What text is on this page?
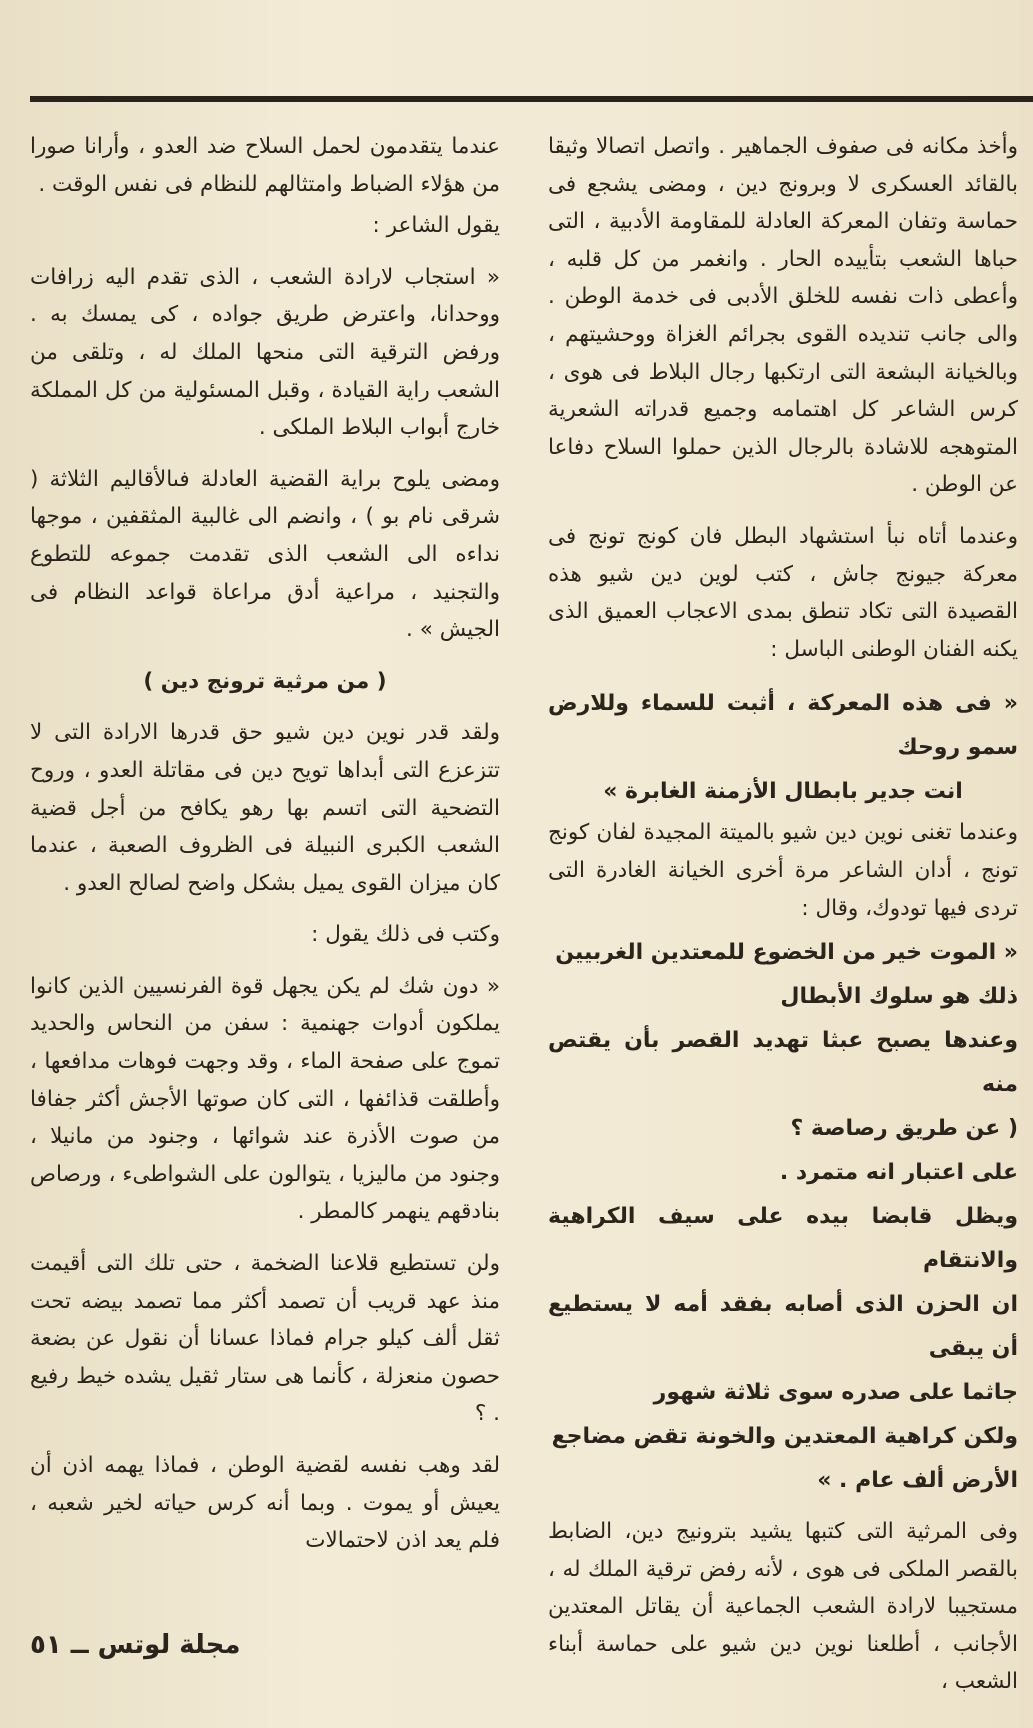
وأخذ مكانه فى صفوف الجماهير . واتصل اتصالا وثيقا بالقائد العسكرى لا وبرونج دين ، ومضى يشجع فى حماسة وتفان المعركة العادلة للمقاومة الأدبية ، التى حباها الشعب بتأييده الحار . وانغمر من كل قلبه ، وأعطى ذات نفسه للخلق الأدبى فى خدمة الوطن . والى جانب تنديده القوى بجرائم الغزاة ووحشيتهم ، وبالخيانة البشعة التى ارتكبها رجال البلاط فى هوى ، كرس الشاعر كل اهتمامه وجميع قدراته الشعرية المتوهجه للاشادة بالرجال الذين حملوا السلاح دفاعا عن الوطن .

وعندما أتاه نبأ استشهاد البطل فان كونج تونج فى معركة جيونج جاش ، كتب لوين دين شيو هذه القصيدة التى تكاد تنطق بمدى الاعجاب العميق الذى يكنه الفنان الوطنى الباسل :

« فى هذه المعركة ، أثبت للسماء وللارض سمو روحك
انت جدير بابطال الأزمنة الغابرة »

وعندما تغنى نوين دين شيو بالميتة المجيدة لفان كونج تونج ، أدان الشاعر مرة أخرى الخيانة الغادرة التى تردى فيها تودوك، وقال :

« الموت خير من الخضوع للمعتدين الغربيين
ذلك هو سلوك الأبطال
وعندها يصبح عبثا تهديد القصر بأن يقتص منه
( عن طريق رصاصة ؟
على اعتبار انه متمرد .
ويظل قابضا بيده على سيف الكراهية والانتقام
ان الحزن الذى أصابه بفقد أمه لا يستطيع أن يبقى
جاثما على صدره سوى ثلاثة شهور
ولكن كراهية المعتدين والخونة تقض مضاجع
الأرض ألف عام . »

وفى المرثية التى كتبها يشيد بترونيج دين، الضابط بالقصر الملكى فى هوى ، لأنه رفض ترقية الملك له ، مستجيبا لارادة الشعب الجماعية أن يقاتل المعتدين الأجانب ، أطلعنا نوين دين شيو على حماسة أبناء الشعب ،

عندما يتقدمون لحمل السلاح ضد العدو ، وأرانا صورا من هؤلاء الضباط وامتثالهم للنظام فى نفس الوقت .

يقول الشاعر :

« استجاب لارادة الشعب ، الذى تقدم اليه زرافات ووحدانا، واعترض طريق جواده ، كى يمسك به . ورفض الترقية التى منحها الملك له ، وتلقى من الشعب راية القيادة ، وقبل المسئولية من كل المملكة خارج أبواب البلاط الملكى .

ومضى يلوح براية القضية العادلة فىالأقاليم الثلاثة ( شرقى نام بو ) ، وانضم الى غالبية المثقفين ، موجها نداءه الى الشعب الذى تقدمت جموعه للتطوع والتجنيد ، مراعية أدق مراعاة قواعد النظام فى الجيش » .

( من مرثية ترونج دين )

ولقد قدر نوين دين شيو حق قدرها الارادة التى لا تتزعزع التى أبداها تويح دين فى مقاتلة العدو ، وروح التضحية التى اتسم بها رهو يكافح من أجل قضية الشعب الكبرى النبيلة فى الظروف الصعبة ، عندما كان ميزان القوى يميل بشكل واضح لصالح العدو .

وكتب فى ذلك يقول :

« دون شك لم يكن يجهل قوة الفرنسيين الذين كانوا يملكون أدوات جهنمية : سفن من النحاس والحديد تموج على صفحة الماء ، وقد وجهت فوهات مدافعها ، وأطلقت قذائفها ، التى كان صوتها الأجش أكثر جفافا من صوت الأذرة عند شوائها ، وجنود من مانيلا ، وجنود من ماليزيا ، يتوالون على الشواطىء ، ورصاص بنادقهم ينهمر كالمطر .

ولن تستطيع قلاعنا الضخمة ، حتى تلك التى أقيمت منذ عهد قريب أن تصمد أكثر مما تصمد بيضه تحت ثقل ألف كيلو جرام فماذا عسانا أن نقول عن بضعة حصون منعزلة ، كأنما هى ستار ثقيل يشده خيط رفيع . ؟

لقد وهب نفسه لقضية الوطن ، فماذا يهمه اذن أن يعيش أو يموت . وبما أنه كرس حياته لخير شعبه ، فلم يعد اذن لاحتمالات

مجلة لوتس ــ ٥١
